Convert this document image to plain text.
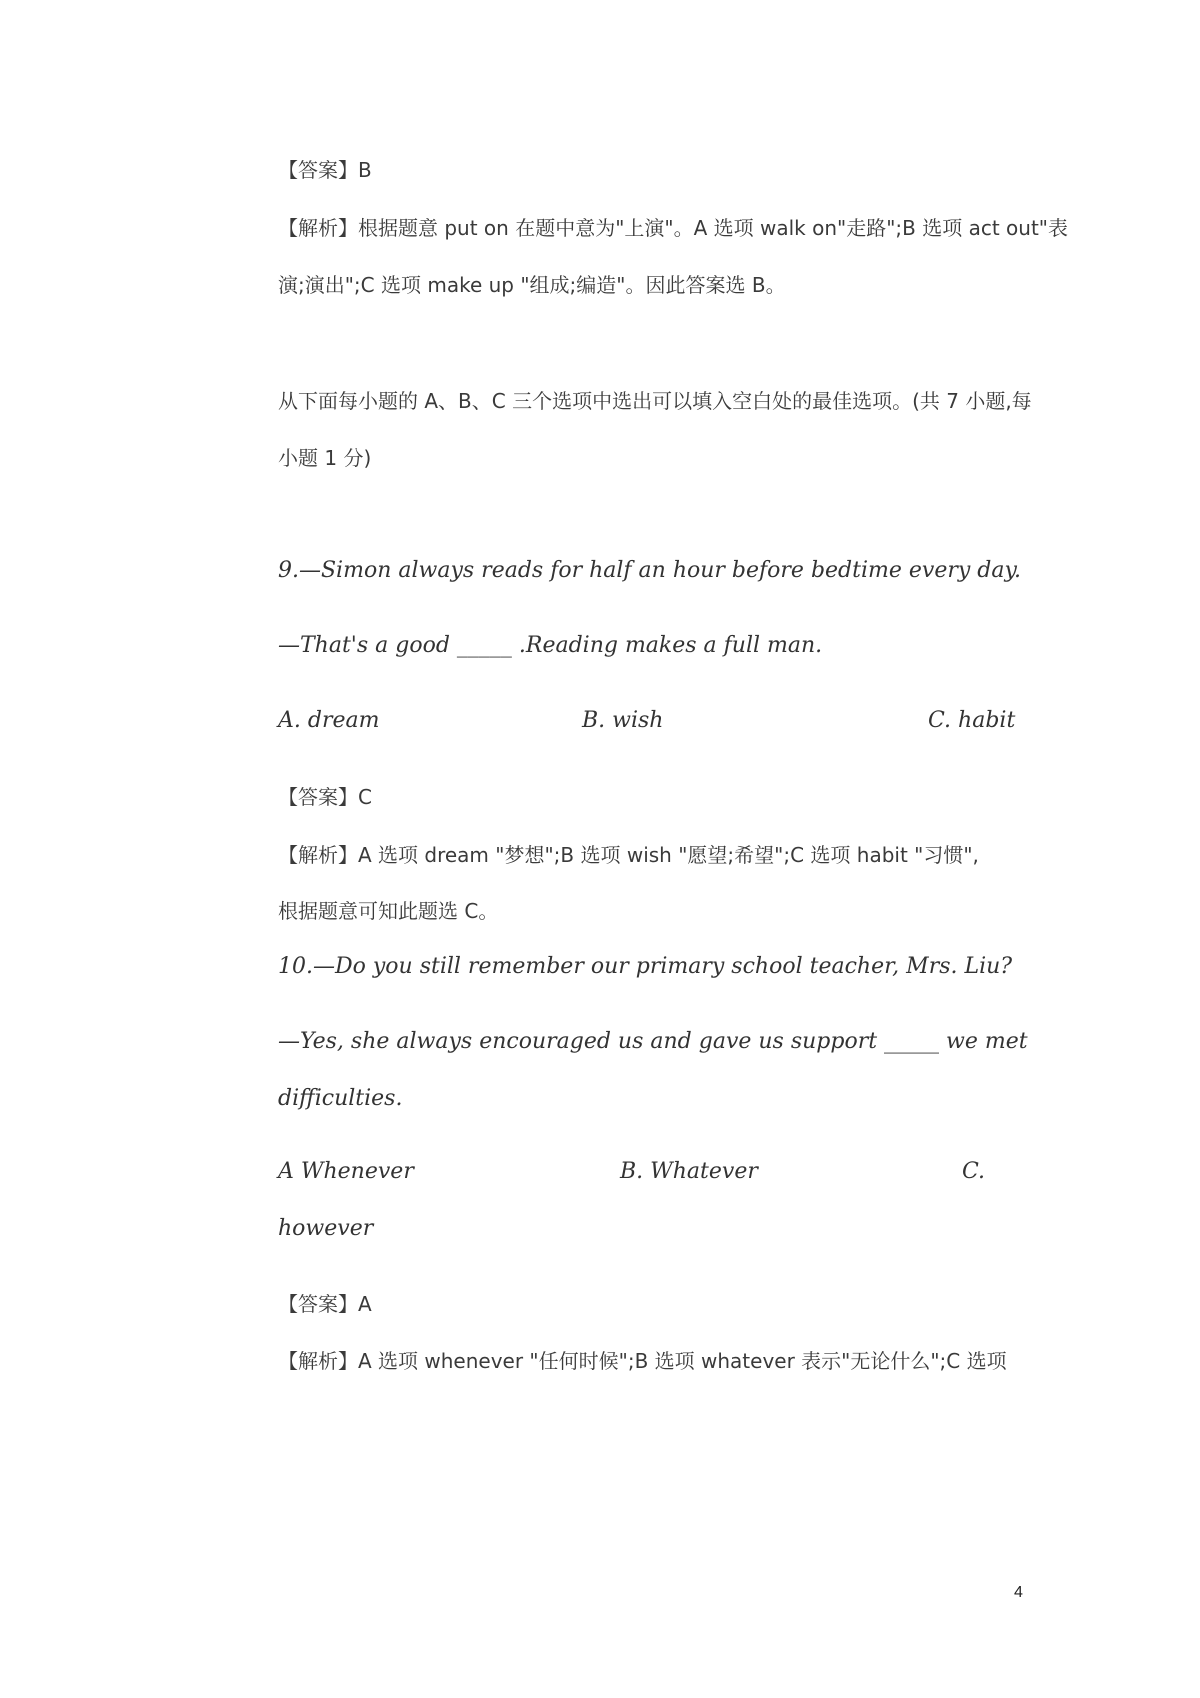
【答案】B
【解析】根据题意 put on 在题中意为"上演"。A 选项 walk on"走路";B 选项 act out"表
演;演出";C 选项 make up "组成;编造"。因此答案选 B。
从下面每小题的 A、B、C 三个选项中选出可以填入空白处的最佳选项。(共 7 小题,每
小题 1 分)
9.—Simon always reads for half an hour before bedtime every day.
—That's a good _____ .Reading makes a full man.
A. dream	B. wish	C. habit
【答案】C
【解析】A 选项 dream "梦想";B 选项 wish "愿望;希望";C 选项 habit "习惯",
根据题意可知此题选 C。
10.—Do you still remember our primary school teacher, Mrs. Liu?
—Yes, she always encouraged us and gave us support _____ we met
difficulties.
A Whenever	B. Whatever	C.
however
【答案】A
【解析】A 选项 whenever "任何时候";B 选项 whatever 表示"无论什么";C 选项
4
